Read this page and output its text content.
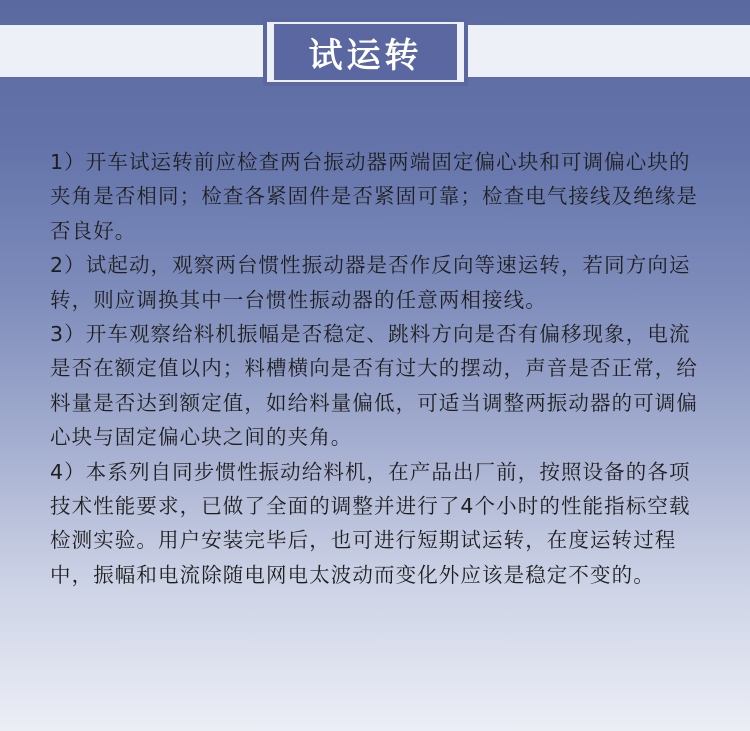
试运转

1）开车试运转前应检查两台振动器两端固定偏心块和可调偏心块的夹角是否相同；检查各紧固件是否紧固可靠；检查电气接线及绝缘是否良好。

2）试起动，观察两台惯性振动器是否作反向等速运转，若同方向运转，则应调换其中一台惯性振动器的任意两相接线。

3）开车观察给料机振幅是否稳定、跳料方向是否有偏移现象，电流是否在额定值以内；料槽横向是否有过大的摆动，声音是否正常，给料量是否达到额定值，如给料量偏低，可适当调整两振动器的可调偏心块与固定偏心块之间的夹角。

4）本系列自同步惯性振动给料机，在产品出厂前，按照设备的各项技术性能要求，已做了全面的调整并进行了4个小时的性能指标空载检测实验。用户安装完毕后，也可进行短期试运转，在度运转过程中，振幅和电流除随电网电太波动而变化外应该是稳定不变的。
